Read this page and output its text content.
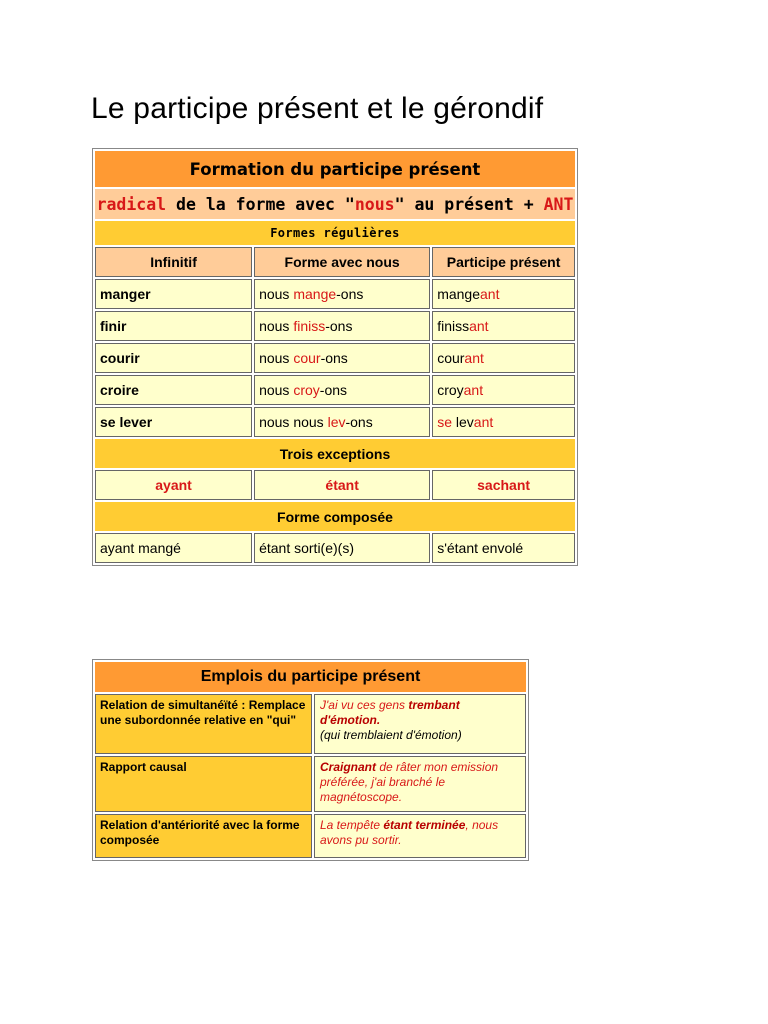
Le participe présent et le gérondif
Formation du participe présent		
radical de la forme avec "nous" au présent + ANT		
Formes régulières		
Infinitif	Forme avec nous	Participe présent
manger	nous mange-ons	mangeant
finir	nous finiss-ons	finissant
courir	nous cour-ons	courant
croire	nous croy-ons	croyant
se lever	nous nous lev-ons	se levant
Trois exceptions		
ayant	étant	sachant
Forme composée		
ayant mangé	étant sorti(e)(s)	s'étant envolé
Emplois du participe présent	
Relation de simultanéïté : Remplace une subordonnée relative en "qui"	J'ai vu ces gens trembant d'émotion.
(qui tremblaient d'émotion)
Rapport causal	Craignant de râter mon emission préférée, j'ai branché le magnétoscope.
Relation d'antériorité avec la forme composée	La tempête étant terminée, nous avons pu sortir.
